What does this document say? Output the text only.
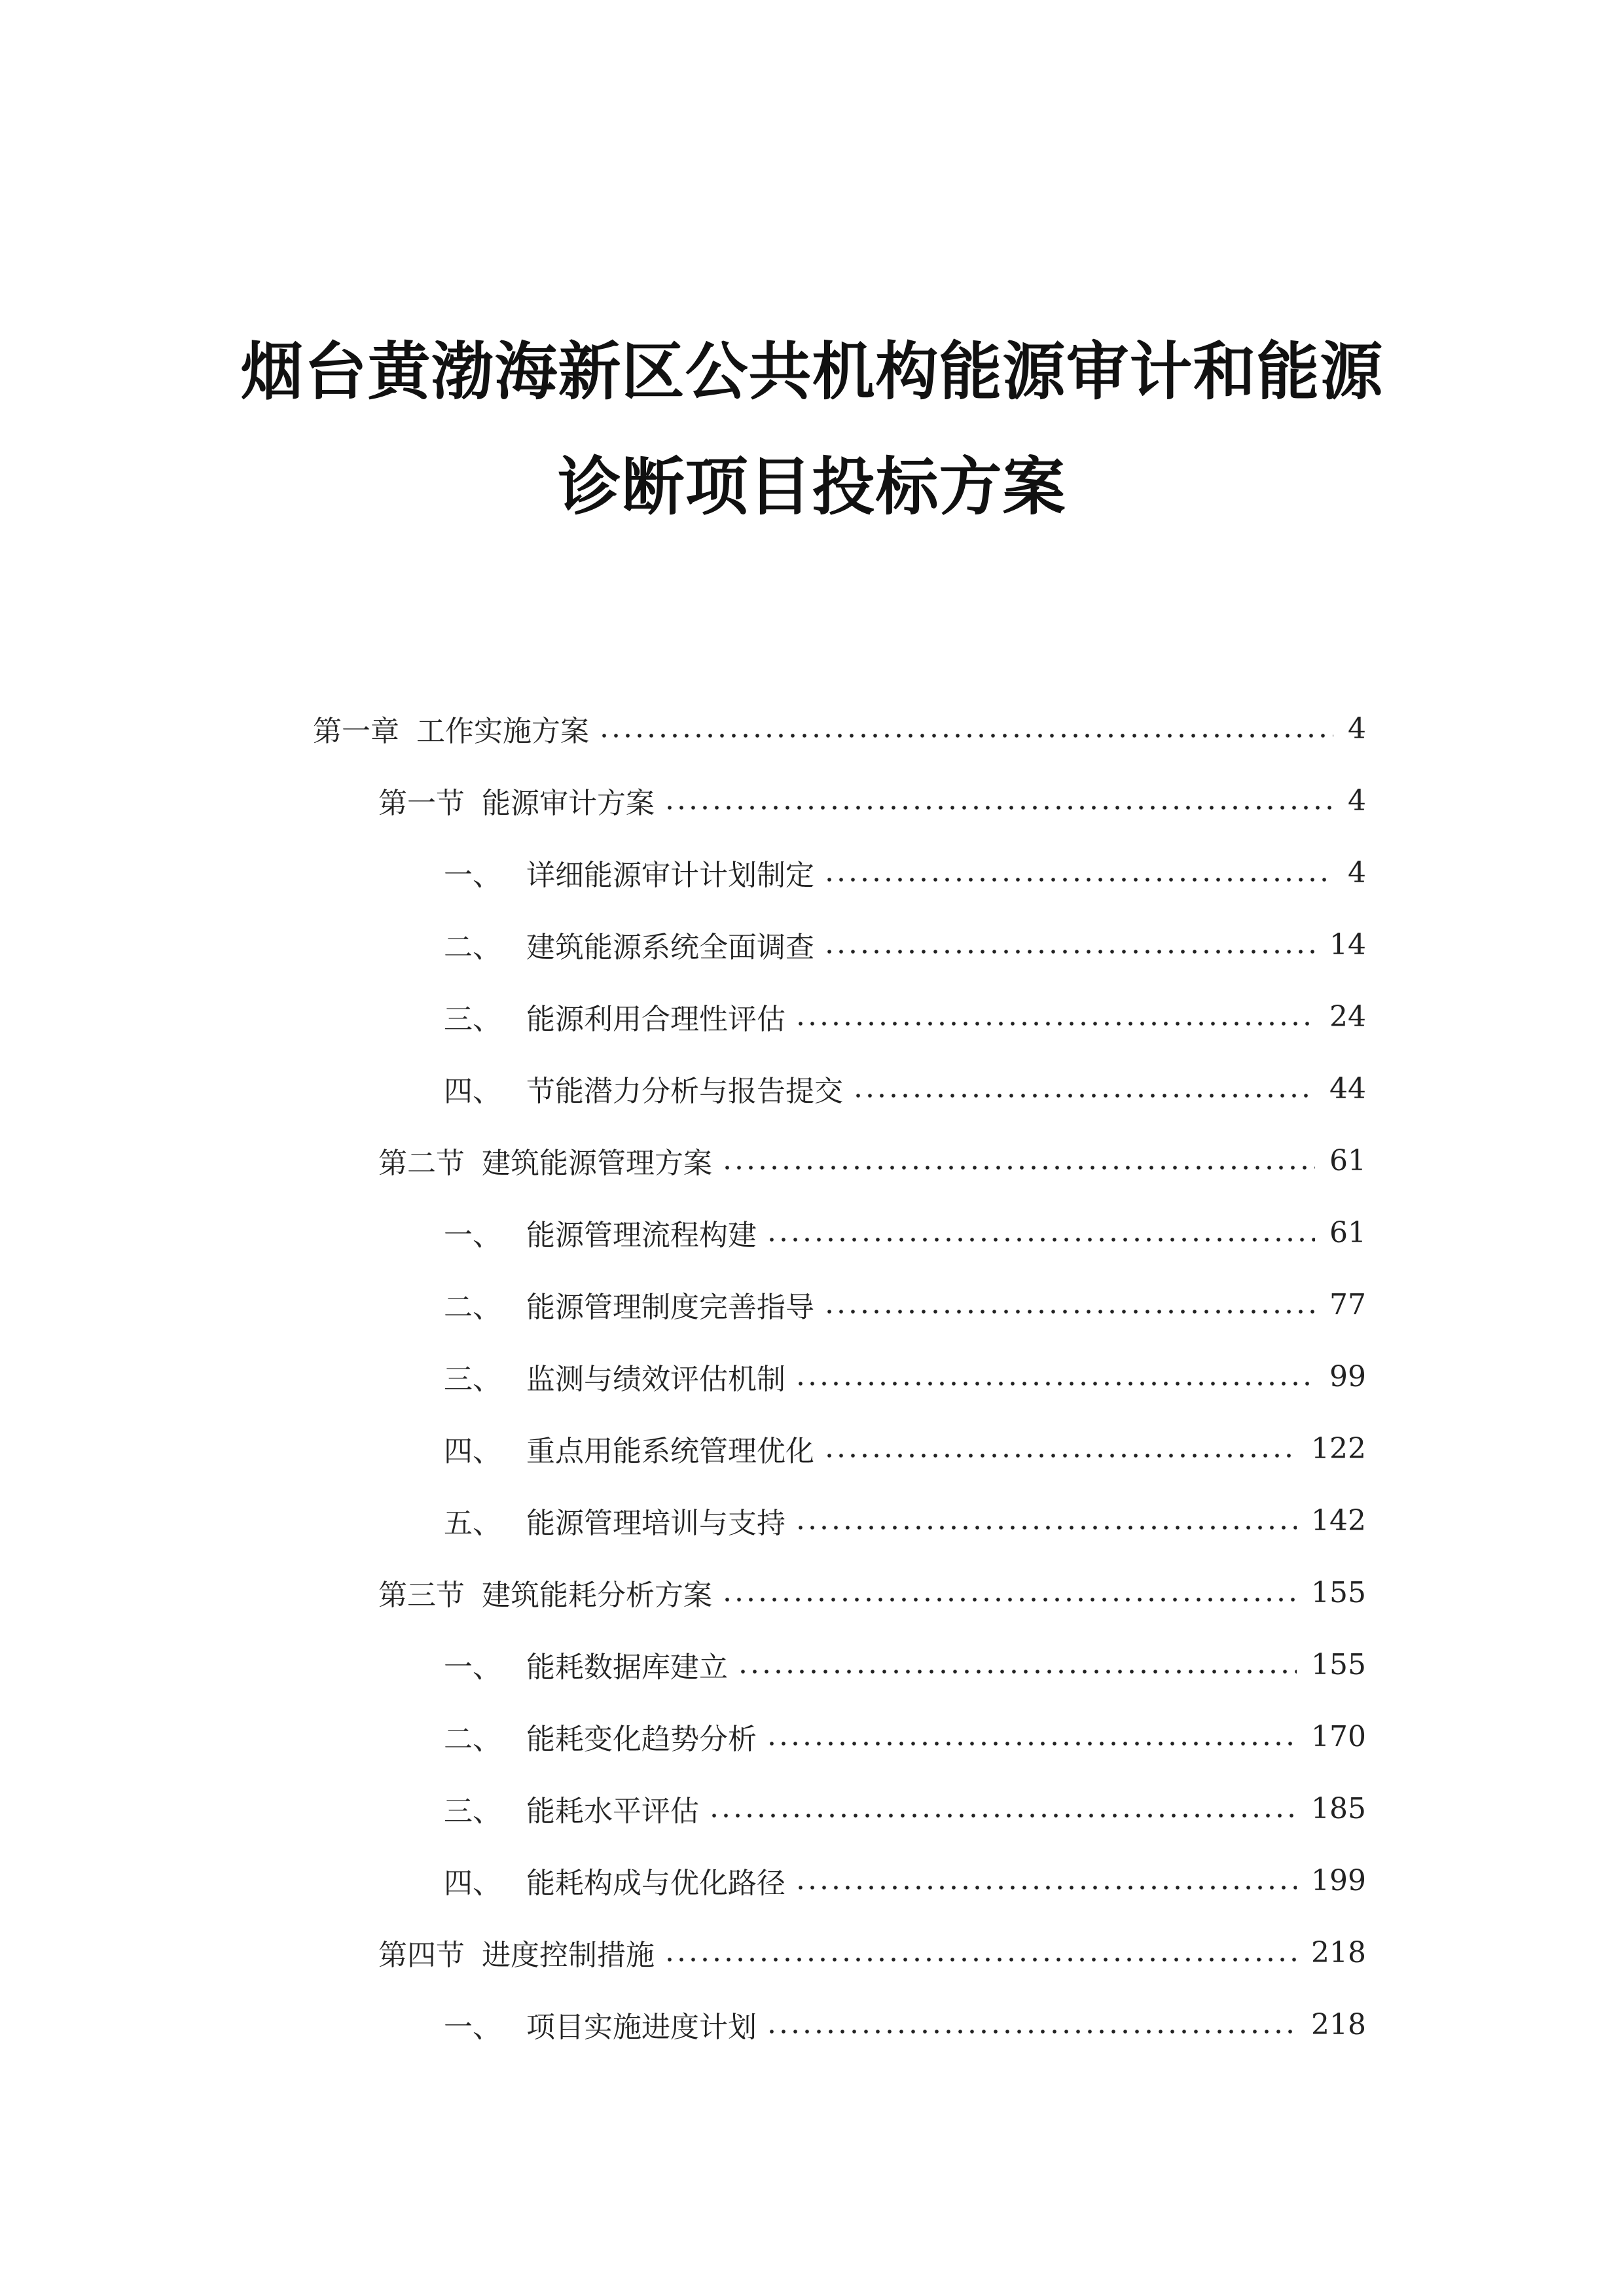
烟台黄渤海新区公共机构能源审计和能源
诊断项目投标方案
第一章 工作实施方案	4
第一节 能源审计方案	4
一、 详细能源审计计划制定	4
二、 建筑能源系统全面调查	14
三、 能源利用合理性评估	24
四、 节能潜力分析与报告提交	44
第二节 建筑能源管理方案	61
一、 能源管理流程构建	61
二、 能源管理制度完善指导	77
三、 监测与绩效评估机制	99
四、 重点用能系统管理优化	122
五、 能源管理培训与支持	142
第三节 建筑能耗分析方案	155
一、 能耗数据库建立	155
二、 能耗变化趋势分析	170
三、 能耗水平评估	185
四、 能耗构成与优化路径	199
第四节 进度控制措施	218
一、 项目实施进度计划	218
